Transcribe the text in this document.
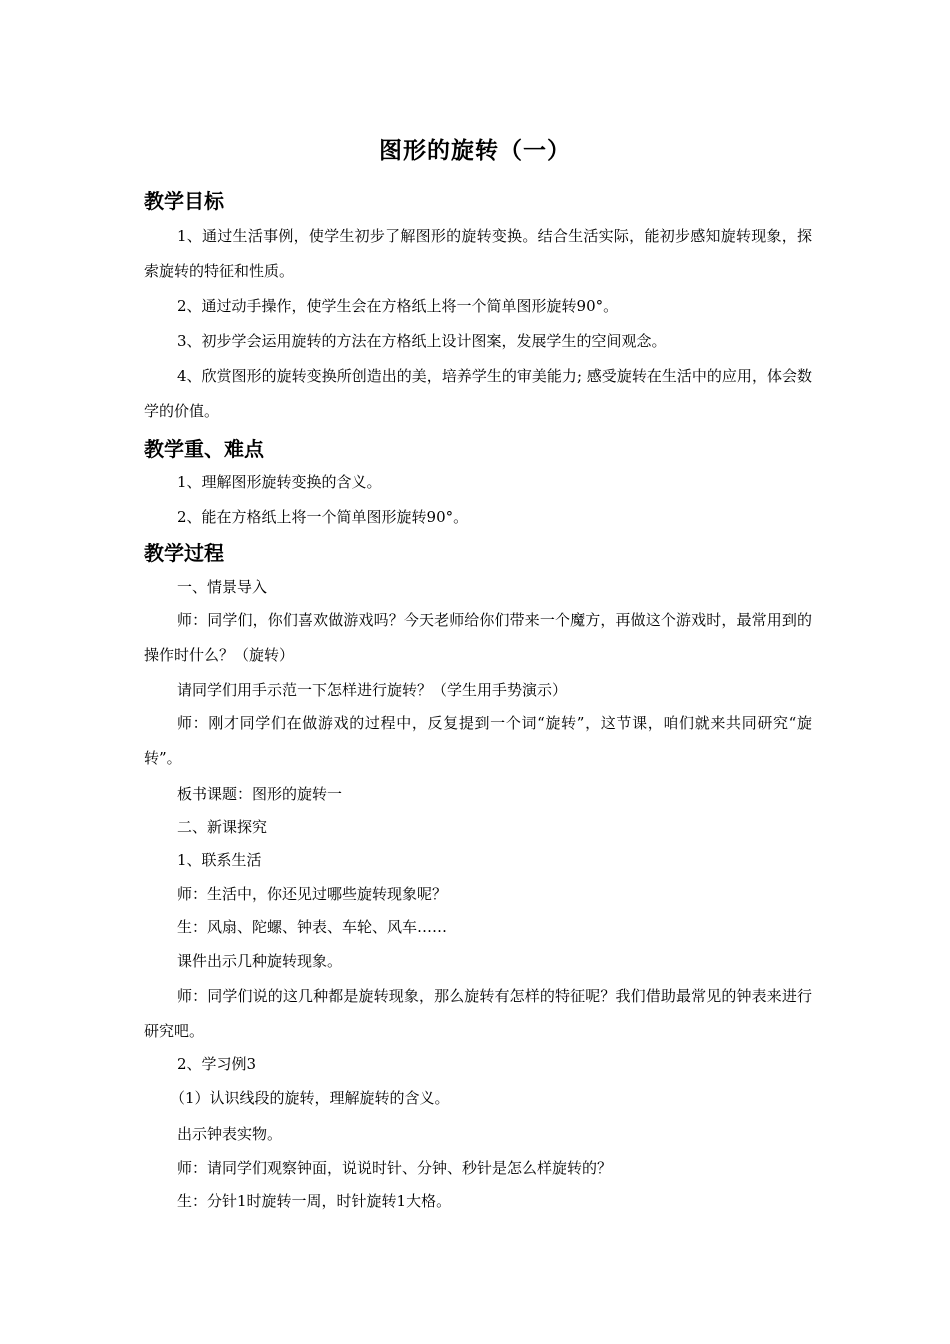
图形的旋转（一）
教学目标
1、通过生活事例，使学生初步了解图形的旋转变换。结合生活实际，能初步感知旋转现象，探索旋转的特征和性质。
2、通过动手操作，使学生会在方格纸上将一个简单图形旋转90°。
3、初步学会运用旋转的方法在方格纸上设计图案，发展学生的空间观念。
4、欣赏图形的旋转变换所创造出的美，培养学生的审美能力; 感受旋转在生活中的应用，体会数学的价值。
教学重、难点
1、理解图形旋转变换的含义。
2、能在方格纸上将一个简单图形旋转90°。
教学过程
一、情景导入
师：同学们，你们喜欢做游戏吗？今天老师给你们带来一个魔方，再做这个游戏时，最常用到的操作时什么？（旋转）
请同学们用手示范一下怎样进行旋转？（学生用手势演示）
师：刚才同学们在做游戏的过程中，反复提到一个词“旋转”，这节课，咱们就来共同研究“旋转”。
板书课题：图形的旋转一
二、新课探究
1、联系生活
师：生活中，你还见过哪些旋转现象呢？
生：风扇、陀螺、钟表、车轮、风车……
课件出示几种旋转现象。
师：同学们说的这几种都是旋转现象，那么旋转有怎样的特征呢？我们借助最常见的钟表来进行研究吧。
2、学习例3
（1）认识线段的旋转，理解旋转的含义。
出示钟表实物。
师：请同学们观察钟面，说说时针、分钟、秒针是怎么样旋转的？
生：分针1时旋转一周，时针旋转1大格。
